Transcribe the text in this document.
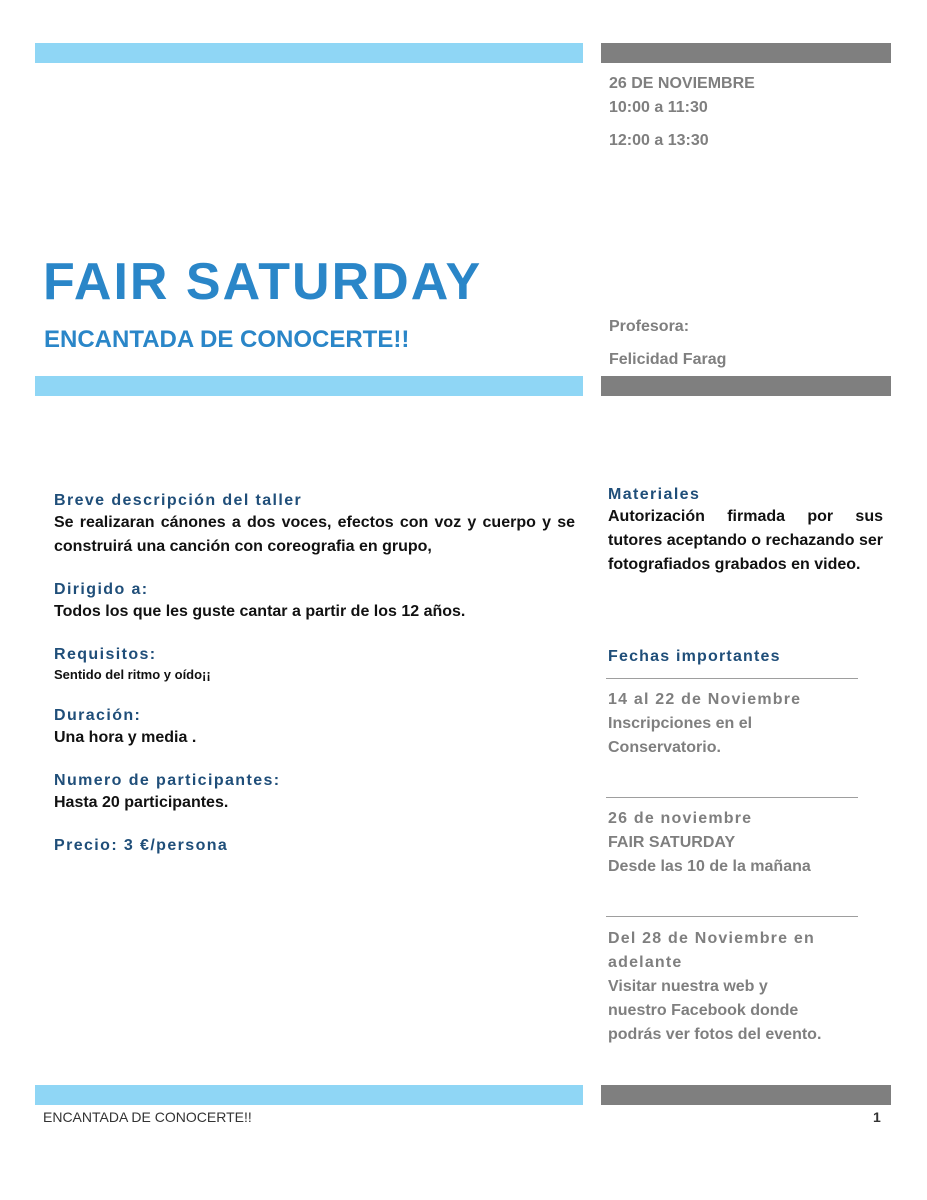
26 DE NOVIEMBRE
10:00 a 11:30
12:00 a 13:30
FAIR SATURDAY
ENCANTADA DE CONOCERTE!!	Profesora:
Felicidad Farag
Breve descripción del taller
Se realizaran cánones a dos voces, efectos con voz y cuerpo y se construirá una canción con coreografia en grupo,
Dirigido a:
Todos los que les guste cantar a partir de los 12 años.
Requisitos:
Sentido del ritmo y oído¡¡
Duración:
Una hora y media .
Numero de participantes:
Hasta 20 participantes.
Precio: 3 €/persona
Materiales
Autorización firmada por sus tutores aceptando o rechazando ser fotografiados grabados en video.
Fechas importantes
14 al 22 de Noviembre
Inscripciones en el
Conservatorio.
26 de noviembre
FAIR SATURDAY
Desde las 10 de la mañana
Del 28 de Noviembre en adelante
Visitar nuestra web y
nuestro Facebook donde
podrás ver fotos del evento.
ENCANTADA DE CONOCERTE!!	1
